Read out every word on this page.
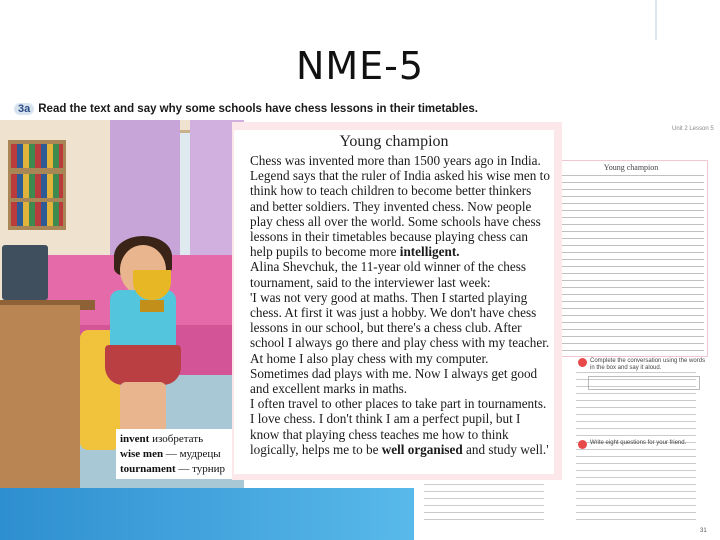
NME-5
3a Read the text and say why some schools have chess lessons in their timetables.
invent изобретать
wise men — мудрецы
tournament — турнир
Unit 2 Lesson 5
Young champion
Complete the conversation using the words in the box and say it aloud.
Write eight questions for your friend.
31
Young champion

Chess was invented more than 1500 years ago in India. Legend says that the ruler of India asked his wise men to think how to teach children to become better thinkers and better soldiers. They invented chess. Now people play chess all over the world. Some schools have chess lessons in their timetables because playing chess can help pupils to become more intelligent.

Alina Shevchuk, the 11-year old winner of the chess tournament, said to the interviewer last week:

'I was not very good at maths. Then I started playing chess. At first it was just a hobby. We don't have chess lessons in our school, but there's a chess club. After school I always go there and play chess with my teacher. At home I also play chess with my computer. Sometimes dad plays with me. Now I always get good and excellent marks in maths.

I often travel to other places to take part in tournaments. I love chess. I don't think I am a perfect pupil, but I know that playing chess teaches me how to think logically, helps me to be well organised and study well.'
